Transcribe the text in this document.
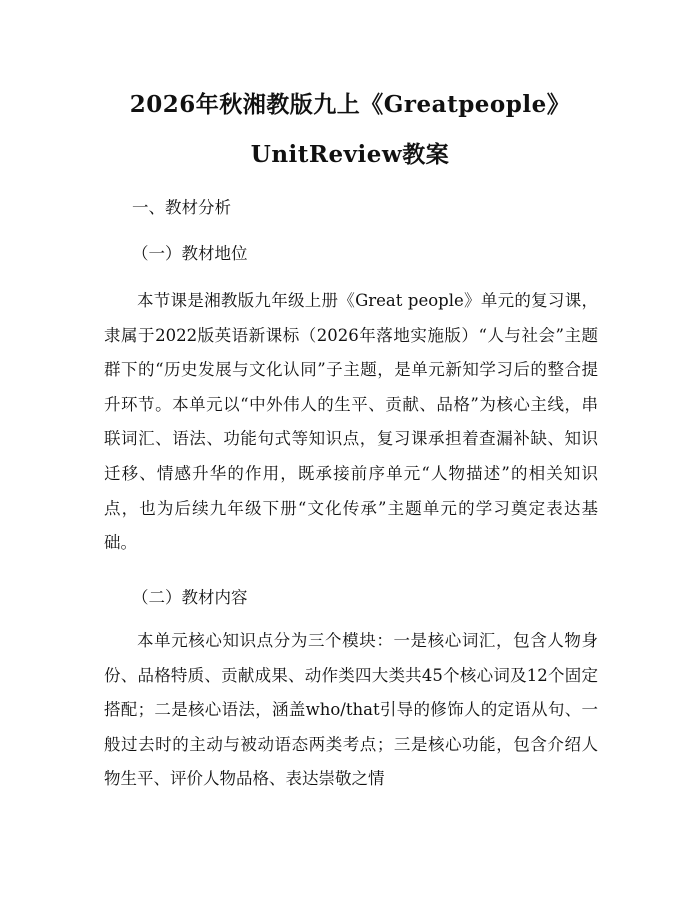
2026年秋湘教版九上《Greatpeople》
UnitReview教案
一、教材分析
（一）教材地位

本节课是湘教版九年级上册《Great people》单元的复习课，隶属于2022版英语新课标（2026年落地实施版）“人与社会”主题群下的“历史发展与文化认同”子主题，是单元新知学习后的整合提升环节。本单元以“中外伟人的生平、贡献、品格”为核心主线，串联词汇、语法、功能句式等知识点，复习课承担着查漏补缺、知识迁移、情感升华的作用，既承接前序单元“人物描述”的相关知识点，也为后续九年级下册“文化传承”主题单元的学习奠定表达基础。

（二）教材内容

本单元核心知识点分为三个模块：一是核心词汇，包含人物身份、品格特质、贡献成果、动作类四大类共45个核心词及12个固定搭配；二是核心语法，涵盖who/that引导的修饰人的定语从句、一般过去时的主动与被动语态两类考点；三是核心功能，包含介绍人物生平、评价人物品格、表达崇敬之情
